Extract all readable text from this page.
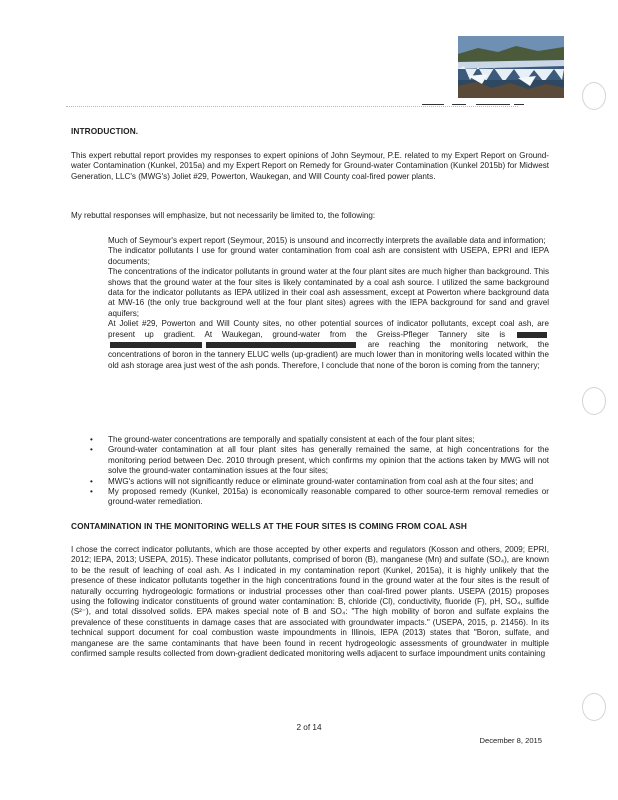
INTRODUCTION.
This expert rebuttal report provides my responses to expert opinions of John Seymour, P.E. related to my Expert Report on Ground-water Contamination (Kunkel, 2015a) and my Expert Report on Remedy for Ground-water Contamination (Kunkel 2015b) for Midwest Generation, LLC's (MWG's) Joliet #29, Powerton, Waukegan, and Will County coal-fired power plants.
My rebuttal responses will emphasize, but not necessarily be limited to, the following:

Much of Seymour's expert report (Seymour, 2015) is unsound and incorrectly interprets the available data and information;

The indicator pollutants I use for ground water contamination from coal ash are consistent with USEPA, EPRI and IEPA documents;

The concentrations of the indicator pollutants in ground water at the four plant sites are much higher than background. This shows that the ground water at the four sites is likely contaminated by a coal ash source. I utilized the same background data for the indicator pollutants as IEPA utilized in their coal ash assessment, except at Powerton where background data at MW-16 (the only true background well at the four plant sites) agrees with the IEPA background for sand and gravel aquifers;

At Joliet #29, Powerton and Will County sites, no other potential sources of indicator pollutants, except coal ash, are present up gradient. At Waukegan, ground-water from the Greiss-Pfleger Tannery site is  are reaching the monitoring network, the concentrations of boron in the tannery ELUC wells (up-gradient) are much lower than in monitoring wells located within the old ash storage area just west of the ash ponds. Therefore, I conclude that none of the boron is coming from the tannery;

• The ground-water concentrations are temporally and spatially consistent at each of the four plant sites;
• Ground-water contamination at all four plant sites has generally remained the same, at high concentrations for the monitoring period between Dec. 2010 through present, which confirms my opinion that the actions taken by MWG will not solve the ground-water contamination issues at the four sites;
• MWG's actions will not significantly reduce or eliminate ground-water contamination from coal ash at the four sites; and
• My proposed remedy (Kunkel, 2015a) is economically reasonable compared to other source-term removal remedies or ground-water remediation.
CONTAMINATION IN THE MONITORING WELLS AT THE FOUR SITES IS COMING FROM COAL ASH
I chose the correct indicator pollutants, which are those accepted by other experts and regulators (Kosson and others, 2009; EPRI, 2012; IEPA, 2013; USEPA, 2015). These indicator pollutants, comprised of boron (B), manganese (Mn) and sulfate (SO₄), are known to be the result of leaching of coal ash. As I indicated in my contamination report (Kunkel, 2015a), it is highly unlikely that the presence of these indicator pollutants together in the high concentrations found in the ground water at the four sites is the result of naturally occurring hydrogeologic formations or industrial processes other than coal-fired power plants. USEPA (2015) proposes using the following indicator constituents of ground water contamination: B, chloride (Cl), conductivity, fluoride (F), pH, SO₄, sulfide (S²⁻), and total dissolved solids. EPA makes special note of B and SO₄: "The high mobility of boron and sulfate explains the prevalence of these constituents in damage cases that are associated with groundwater impacts." (USEPA, 2015, p. 21456). In its technical support document for coal combustion waste impoundments in Illinois, IEPA (2013) states that "Boron, sulfate, and manganese are the same contaminants that have been found in recent hydrogeologic assessments of groundwater in multiple confirmed sample results collected from down-gradient dedicated monitoring wells adjacent to surface impoundment units containing
2 of 14
December 8, 2015
